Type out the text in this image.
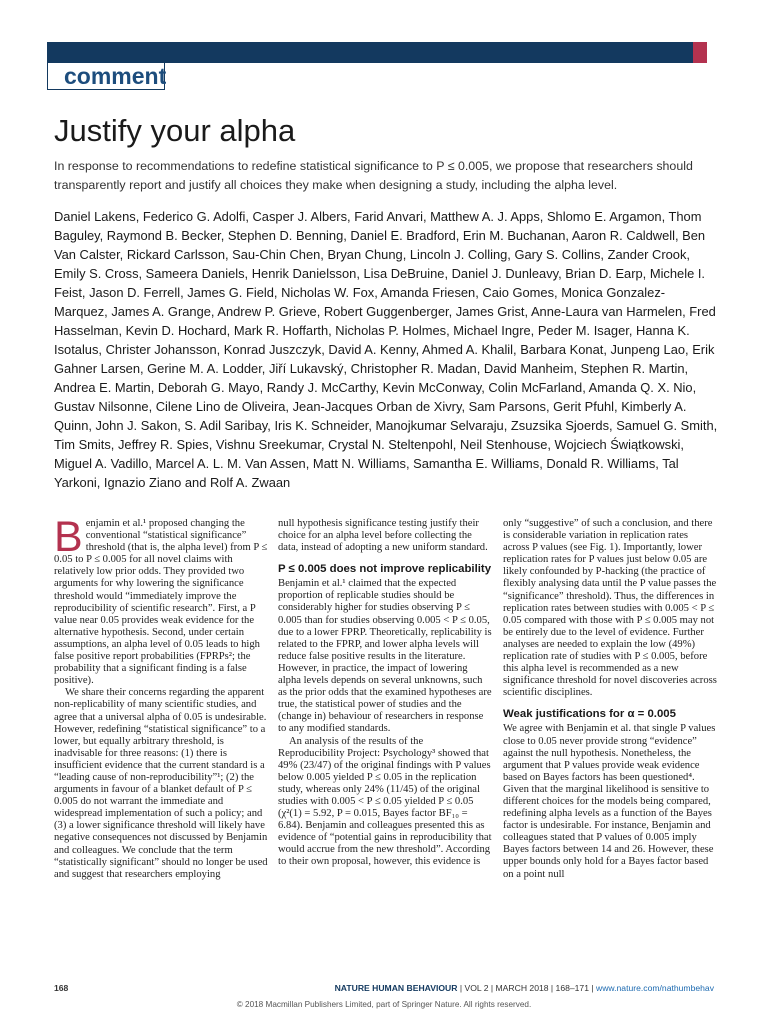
comment
Justify your alpha

In response to recommendations to redefine statistical significance to P ≤ 0.005, we propose that researchers should transparently report and justify all choices they make when designing a study, including the alpha level.

Daniel Lakens, Federico G. Adolfi, Casper J. Albers, Farid Anvari, Matthew A. J. Apps, Shlomo E. Argamon, Thom Baguley, Raymond B. Becker, Stephen D. Benning, Daniel E. Bradford, Erin M. Buchanan, Aaron R. Caldwell, Ben Van Calster, Rickard Carlsson, Sau-Chin Chen, Bryan Chung, Lincoln J. Colling, Gary S. Collins, Zander Crook, Emily S. Cross, Sameera Daniels, Henrik Danielsson, Lisa DeBruine, Daniel J. Dunleavy, Brian D. Earp, Michele I. Feist, Jason D. Ferrell, James G. Field, Nicholas W. Fox, Amanda Friesen, Caio Gomes, Monica Gonzalez-Marquez, James A. Grange, Andrew P. Grieve, Robert Guggenberger, James Grist, Anne-Laura van Harmelen, Fred Hasselman, Kevin D. Hochard, Mark R. Hoffarth, Nicholas P. Holmes, Michael Ingre, Peder M. Isager, Hanna K. Isotalus, Christer Johansson, Konrad Juszczyk, David A. Kenny, Ahmed A. Khalil, Barbara Konat, Junpeng Lao, Erik Gahner Larsen, Gerine M. A. Lodder, Jiří Lukavský, Christopher R. Madan, David Manheim, Stephen R. Martin, Andrea E. Martin, Deborah G. Mayo, Randy J. McCarthy, Kevin McConway, Colin McFarland, Amanda Q. X. Nio, Gustav Nilsonne, Cilene Lino de Oliveira, Jean-Jacques Orban de Xivry, Sam Parsons, Gerit Pfuhl, Kimberly A. Quinn, John J. Sakon, S. Adil Saribay, Iris K. Schneider, Manojkumar Selvaraju, Zsuzsika Sjoerds, Samuel G. Smith, Tim Smits, Jeffrey R. Spies, Vishnu Sreekumar, Crystal N. Steltenpohl, Neil Stenhouse, Wojciech Świątkowski, Miguel A. Vadillo, Marcel A. L. M. Van Assen, Matt N. Williams, Samantha E. Williams, Donald R. Williams, Tal Yarkoni, Ignazio Ziano and Rolf A. Zwaan

B enjamin et al.¹ proposed changing the conventional “statistical significance” threshold (that is, the alpha level) from P ≤ 0.05 to P ≤ 0.005 for all novel claims with relatively low prior odds. They provided two arguments for why lowering the significance threshold would “immediately improve the reproducibility of scientific research”. First, a P value near 0.05 provides weak evidence for the alternative hypothesis. Second, under certain assumptions, an alpha level of 0.05 leads to high false positive report probabilities (FPRPs²; the probability that a significant finding is a false positive).

We share their concerns regarding the apparent non-replicability of many scientific studies, and agree that a universal alpha of 0.05 is undesirable. However, redefining “statistical significance” to a lower, but equally arbitrary threshold, is inadvisable for three reasons: (1) there is insufficient evidence that the current standard is a “leading cause of non-reproducibility”¹; (2) the arguments in favour of a blanket default of P ≤ 0.005 do not warrant the immediate and widespread implementation of such a policy; and (3) a lower significance threshold will likely have negative consequences not discussed by Benjamin and colleagues. We conclude that the term “statistically significant” should no longer be used and suggest that researchers employing

null hypothesis significance testing justify their choice for an alpha level before collecting the data, instead of adopting a new uniform standard.

P ≤ 0.005 does not improve replicability

Benjamin et al.¹ claimed that the expected proportion of replicable studies should be considerably higher for studies observing P ≤ 0.005 than for studies observing 0.005 < P ≤ 0.05, due to a lower FPRP. Theoretically, replicability is related to the FPRP, and lower alpha levels will reduce false positive results in the literature. However, in practice, the impact of lowering alpha levels depends on several unknowns, such as the prior odds that the examined hypotheses are true, the statistical power of studies and the (change in) behaviour of researchers in response to any modified standards.

An analysis of the results of the Reproducibility Project: Psychology³ showed that 49% (23/47) of the original findings with P values below 0.005 yielded P ≤ 0.05 in the replication study, whereas only 24% (11/45) of the original studies with 0.005 < P ≤ 0.05 yielded P ≤ 0.05 (χ²(1) = 5.92, P = 0.015, Bayes factor BF₁₀ = 6.84). Benjamin and colleagues presented this as evidence of “potential gains in reproducibility that would accrue from the new threshold”. According to their own proposal, however, this evidence is

only “suggestive” of such a conclusion, and there is considerable variation in replication rates across P values (see Fig. 1). Importantly, lower replication rates for P values just below 0.05 are likely confounded by P-hacking (the practice of flexibly analysing data until the P value passes the “significance” threshold). Thus, the differences in replication rates between studies with 0.005 < P ≤ 0.05 compared with those with P ≤ 0.005 may not be entirely due to the level of evidence. Further analyses are needed to explain the low (49%) replication rate of studies with P ≤ 0.005, before this alpha level is recommended as a new significance threshold for novel discoveries across scientific disciplines.

Weak justifications for α = 0.005

We agree with Benjamin et al. that single P values close to 0.05 never provide strong “evidence” against the null hypothesis. Nonetheless, the argument that P values provide weak evidence based on Bayes factors has been questioned⁴. Given that the marginal likelihood is sensitive to different choices for the models being compared, redefining alpha levels as a function of the Bayes factor is undesirable. For instance, Benjamin and colleagues stated that P values of 0.005 imply Bayes factors between 14 and 26. However, these upper bounds only hold for a Bayes factor based on a point null

168	NATURE HUMAN BEHAVIOUR | VOL 2 | MARCH 2018 | 168–171 | www.nature.com/nathumbehav
© 2018 Macmillan Publishers Limited, part of Springer Nature. All rights reserved.
